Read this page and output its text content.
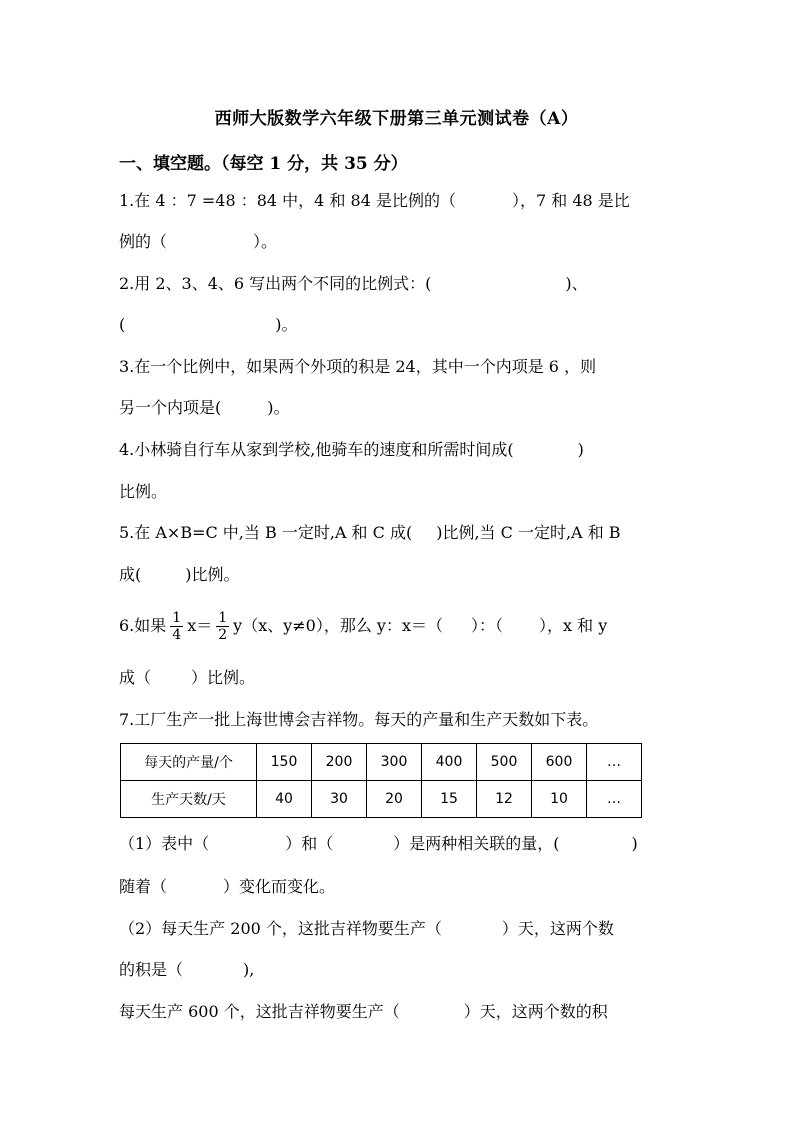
西师大版数学六年级下册第三单元测试卷（A）
一、填空题。（每空 1 分，共 35 分）
1.在 4 ：7 =48 ：84 中，4 和 84 是比例的（	），7 和 48 是比
例的（	）。
2.用 2、3、4、6 写出两个不同的比例式：(	)、
(	)。
3.在一个比例中，如果两个外项的积是 24，其中一个内项是 6 ，则
另一个内项是(	)。
4.小林骑自行车从家到学校,他骑车的速度和所需时间成(	)
比例。
5.在 A×B=C 中,当 B 一定时,A 和 C 成( )比例,当 C 一定时,A 和 B
成(	)比例。
6.如果 $\frac{1}{4} x= \frac{1}{2} y(x$、y≠0），那么 y：x＝（ ）：（ ），x 和 y
成（	）比例。
7.工厂生产一批上海世博会吉祥物。每天的产量和生产天数如下表。
每天的产量/个	150	200	300	400	500	600	…
生产天数/天	40	30	20	15	12	10	…
（1）表中（	）和（	）是两种相关联的量，(	)
随着（	）变化而变化。
（2）每天生产 200 个，这批吉祥物要生产（	）天，这两个数
的积是（	),
每天生产 600 个，这批吉祥物要生产（	）天，这两个数的积
